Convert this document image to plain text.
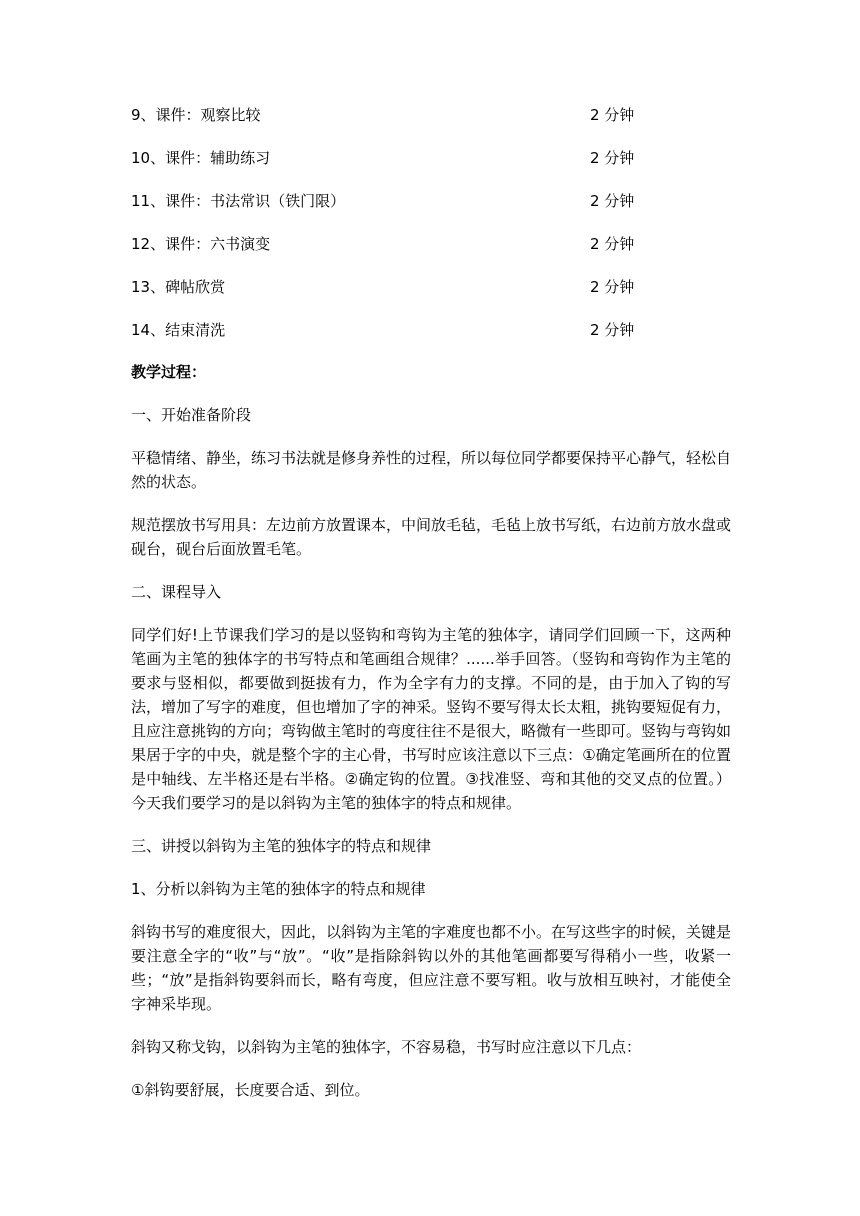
9、课件：观察比较	2 分钟
10、课件：辅助练习	2 分钟
11、课件：书法常识（铁门限）	2 分钟
12、课件：六书演变	2 分钟
13、碑帖欣赏	2 分钟
14、结束清洗	2 分钟

教学过程：

一、开始准备阶段

平稳情绪、静坐，练习书法就是修身养性的过程，所以每位同学都要保持平心静气，轻松自然的状态。

规范摆放书写用具：左边前方放置课本，中间放毛毡，毛毡上放书写纸，右边前方放水盘或砚台，砚台后面放置毛笔。

二、课程导入

同学们好!上节课我们学习的是以竖钩和弯钩为主笔的独体字，请同学们回顾一下，这两种笔画为主笔的独体字的书写特点和笔画组合规律？......举手回答。（竖钩和弯钩作为主笔的要求与竖相似，都要做到挺拔有力，作为全字有力的支撑。不同的是，由于加入了钩的写法，增加了写字的难度，但也增加了字的神采。竖钩不要写得太长太粗，挑钩要短促有力，且应注意挑钩的方向；弯钩做主笔时的弯度往往不是很大，略微有一些即可。竖钩与弯钩如果居于字的中央，就是整个字的主心骨，书写时应该注意以下三点：①确定笔画所在的位置是中轴线、左半格还是右半格。②确定钩的位置。③找准竖、弯和其他的交叉点的位置。）今天我们要学习的是以斜钩为主笔的独体字的特点和规律。

三、讲授以斜钩为主笔的独体字的特点和规律

1、分析以斜钩为主笔的独体字的特点和规律

斜钩书写的难度很大，因此，以斜钩为主笔的字难度也都不小。在写这些字的时候，关键是要注意全字的“收”与“放”。“收”是指除斜钩以外的其他笔画都要写得稍小一些，收紧一些；“放”是指斜钩要斜而长，略有弯度，但应注意不要写粗。收与放相互映衬，才能使全字神采毕现。

斜钩又称戈钩，以斜钩为主笔的独体字，不容易稳，书写时应注意以下几点：

①斜钩要舒展，长度要合适、到位。
